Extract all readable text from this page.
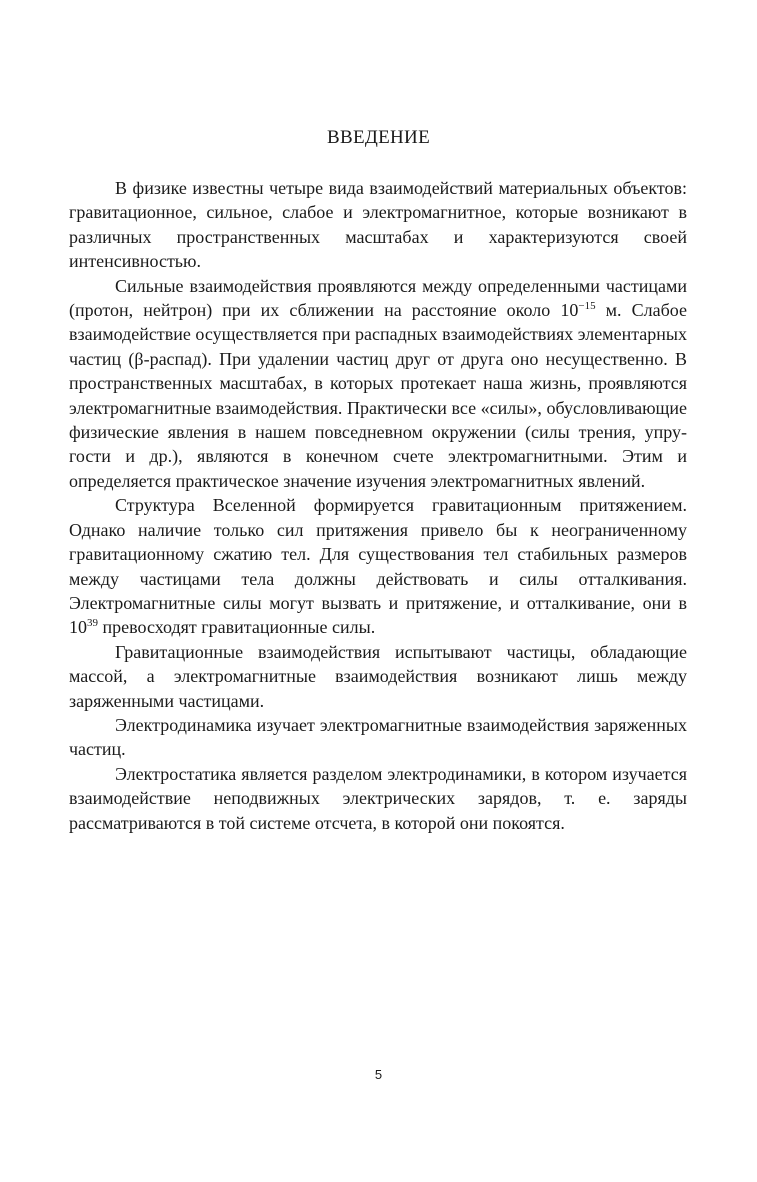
ВВЕДЕНИЕ

В физике известны четыре вида взаимодействий материальных объектов: гравитационное, сильное, слабое и электромагнитное, которые возникают в различных пространственных масштабах и характеризуются своей интенсивностью.

Сильные взаимодействия проявляются между определенными частицами (протон, нейтрон) при их сближении на расстояние около $10^{-15}$ м. Слабое взаимодействие осуществляется при распадных взаимодействиях элементарных частиц (β-распад). При удалении частиц друг от друга оно несущественно. В пространственных масштабах, в которых протекает наша жизнь, проявляются электромагнитные взаимодействия. Практически все «силы», обусловливающие физические явления в нашем повседневном окружении (силы трения, упругости и др.), являются в конечном счете электромагнитными. Этим и определяется практическое значение изучения электромагнитных явлений.

Структура Вселенной формируется гравитационным притяжением. Однако наличие только сил притяжения привело бы к неограниченному гравитационному сжатию тел. Для существования тел стабильных размеров между частицами тела должны действовать и силы отталкивания. Электромагнитные силы могут вызвать и притяжение, и отталкивание, они в $10^{39}$ превосходят гравитационные силы.

Гравитационные взаимодействия испытывают частицы, обладающие массой, а электромагнитные взаимодействия возникают лишь между заряженными частицами.

Электродинамика изучает электромагнитные взаимодействия заряженных частиц.

Электростатика является разделом электродинамики, в котором изучается взаимодействие неподвижных электрических зарядов, т. е. заряды рассматриваются в той системе отсчета, в которой они покоятся.

5
